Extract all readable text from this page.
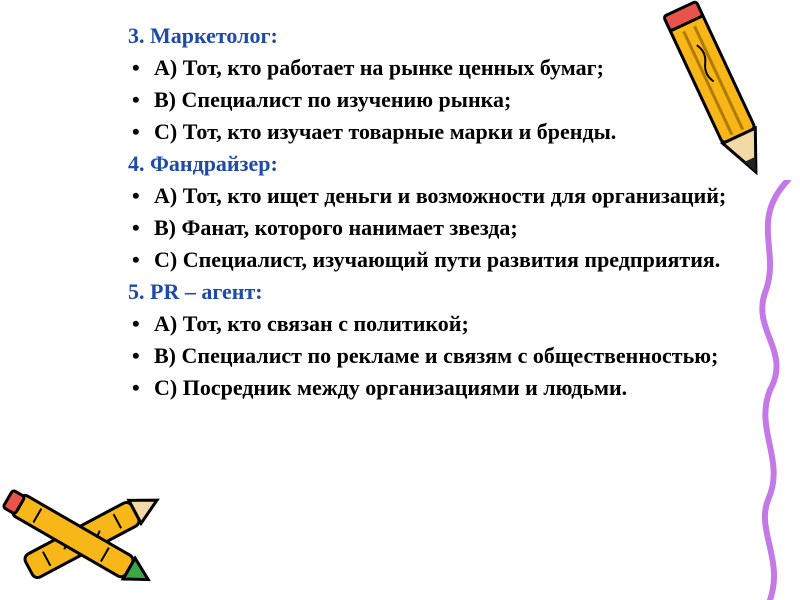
3. Маркетолог:
• А) Тот, кто работает на рынке ценных бумаг;
• В) Специалист по изучению рынка;
• С) Тот, кто изучает товарные марки и бренды.
4. Фандрайзер:
• А) Тот, кто ищет деньги и возможности для организаций;
• В) Фанат, которого нанимает звезда;
• С) Специалист, изучающий пути развития предприятия.
5. PR – агент:
• А) Тот, кто связан с политикой;
• В) Специалист по рекламе и связям с общественностью;
• С) Посредник между организациями и людьми.
